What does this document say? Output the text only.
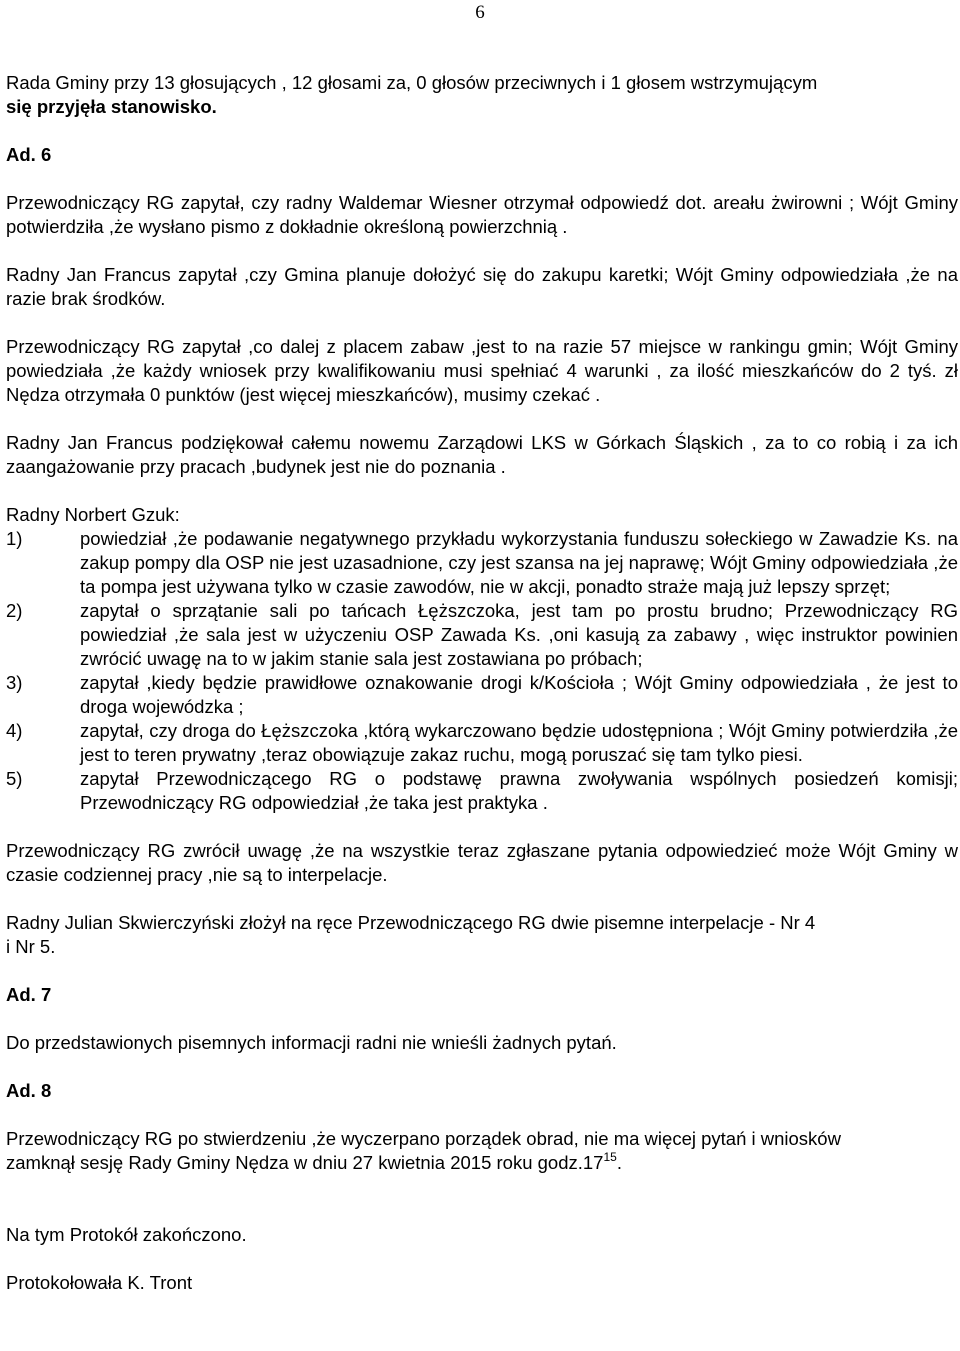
6

Rada Gminy przy 13 głosujących , 12 głosami za, 0 głosów przeciwnych i 1 głosem wstrzymującym
się przyjęła stanowisko.

Ad. 6

Przewodniczący RG zapytał, czy radny Waldemar Wiesner otrzymał odpowiedź dot. areału żwirowni ; Wójt Gminy potwierdziła ,że wysłano pismo z dokładnie określoną powierzchnią .

Radny Jan Francus zapytał ,czy Gmina planuje dołożyć się do zakupu karetki; Wójt Gminy odpowiedziała ,że na razie brak środków.

Przewodniczący RG zapytał ,co dalej z placem zabaw ,jest to na razie 57 miejsce w rankingu gmin; Wójt Gminy powiedziała ,że każdy wniosek przy kwalifikowaniu musi spełniać 4 warunki , za ilość mieszkańców do 2 tyś. zł Nędza otrzymała 0 punktów (jest więcej mieszkańców), musimy czekać .

Radny Jan Francus podziękował całemu nowemu Zarządowi LKS w Górkach Śląskich , za to co robią i za ich zaangażowanie przy pracach ,budynek jest nie do poznania .

Radny Norbert Gzuk:

1)	powiedział ,że podawanie negatywnego przykładu wykorzystania funduszu sołeckiego w Zawadzie Ks. na zakup pompy dla OSP nie jest uzasadnione, czy jest szansa na jej naprawę; Wójt Gminy odpowiedziała ,że ta pompa jest używana tylko w czasie zawodów, nie w akcji, ponadto straże mają już lepszy sprzęt;
2)	zapytał o sprzątanie sali po tańcach Łęższczoka, jest tam po prostu brudno; Przewodniczący RG powiedział ,że sala jest w użyczeniu OSP Zawada Ks. ,oni kasują za zabawy , więc instruktor powinien zwrócić uwagę na to w jakim stanie sala jest zostawiana po próbach;
3)	zapytał ,kiedy będzie prawidłowe oznakowanie drogi k/Kościoła ; Wójt Gminy odpowiedziała , że jest to droga wojewódzka ;
4)	zapytał, czy droga do Łęższczoka ,którą wykarczowano będzie udostępniona ; Wójt Gminy potwierdziła ,że jest to teren prywatny ,teraz obowiązuje zakaz ruchu, mogą poruszać się tam tylko piesi.
5)	zapytał Przewodniczącego RG o podstawę prawna zwoływania wspólnych posiedzeń komisji; Przewodniczący RG odpowiedział ,że taka jest praktyka .

Przewodniczący RG zwrócił uwagę ,że na wszystkie teraz zgłaszane pytania odpowiedzieć może Wójt Gminy w czasie codziennej pracy ,nie są to interpelacje.

Radny Julian Skwierczyński złożył na ręce Przewodniczącego RG dwie pisemne interpelacje - Nr 4
i Nr 5.

Ad. 7

Do przedstawionych pisemnych informacji radni nie wnieśli żadnych pytań.

Ad. 8

Przewodniczący RG po stwierdzeniu ,że wyczerpano porządek obrad, nie ma więcej pytań i wniosków
zamknął sesję Rady Gminy Nędza w dniu 27 kwietnia 2015 roku $godz.17^{15}$.

Na tym Protokół zakończono.

Protokołowała K. Tront
